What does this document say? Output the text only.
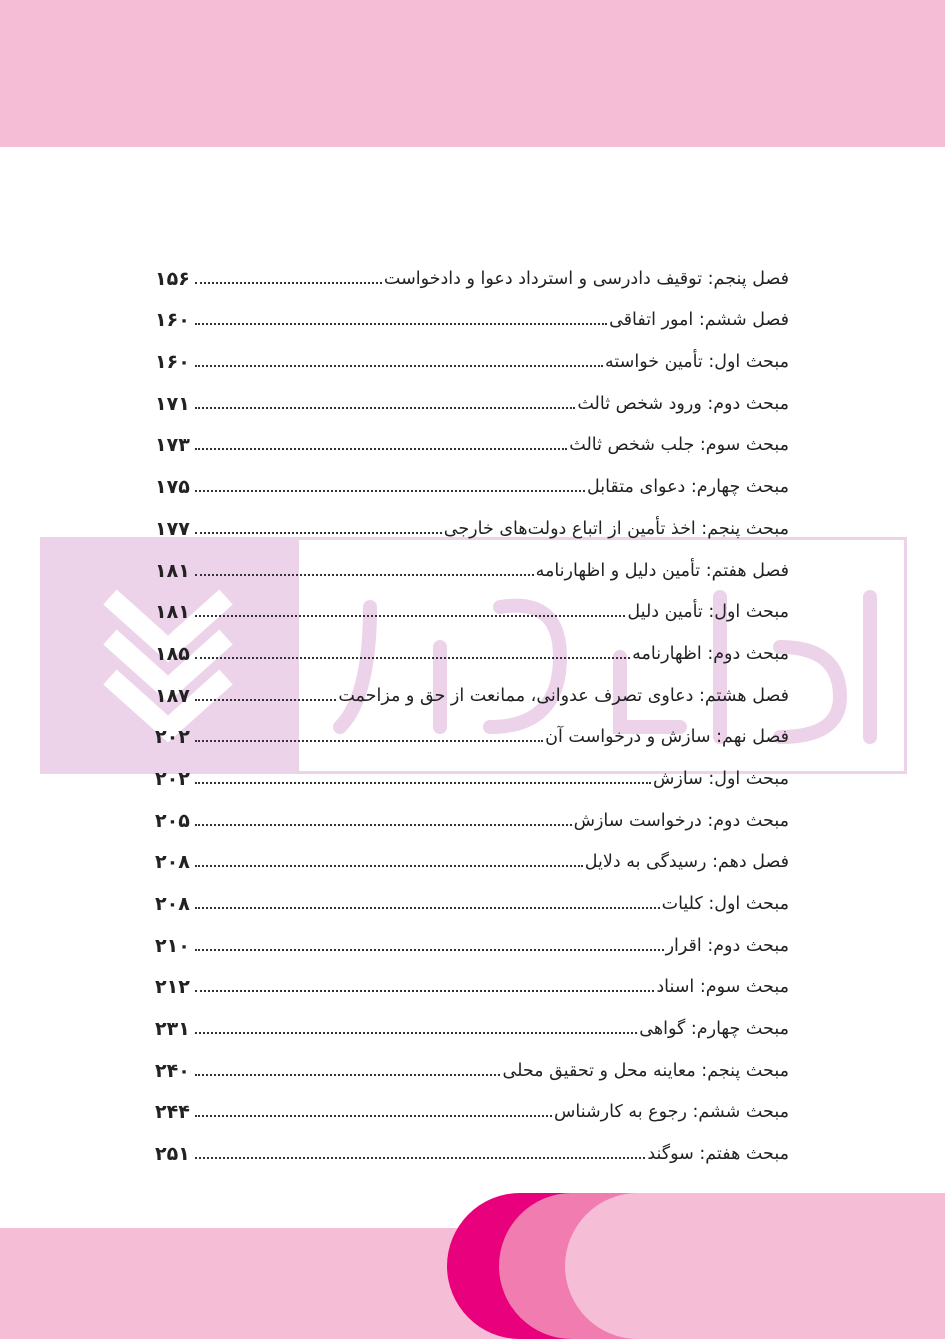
فصل پنجم: توقیف دادرسی و استرداد دعوا و دادخواست
۱۵۶
فصل ششم: امور اتفاقی
۱۶۰
مبحث اول: تأمین خواسته
۱۶۰
مبحث دوم: ورود شخص ثالث
۱۷۱
مبحث سوم: جلب شخص ثالث
۱۷۳
مبحث چهارم: دعوای متقابل
۱۷۵
مبحث پنجم: اخذ تأمین از اتباع دولت‌های خارجی
۱۷۷
فصل هفتم: تأمین دلیل و اظهارنامه
۱۸۱
مبحث اول: تأمین دلیل
۱۸۱
مبحث دوم: اظهارنامه
۱۸۵
فصل هشتم: دعاوی تصرف عدوانی، ممانعت از حق و مزاحمت
۱۸۷
فصل نهم: سازش و درخواست آن
۲۰۲
مبحث اول: سازش
۲۰۲
مبحث دوم: درخواست سازش
۲۰۵
فصل دهم: رسیدگی به دلایل
۲۰۸
مبحث اول: کلیات
۲۰۸
مبحث دوم: اقرار
۲۱۰
مبحث سوم: اسناد
۲۱۲
مبحث چهارم: گواهی
۲۳۱
مبحث پنجم: معاینه محل و تحقیق محلی
۲۴۰
مبحث ششم: رجوع به کارشناس
۲۴۴
مبحث هفتم: سوگند
۲۵۱
